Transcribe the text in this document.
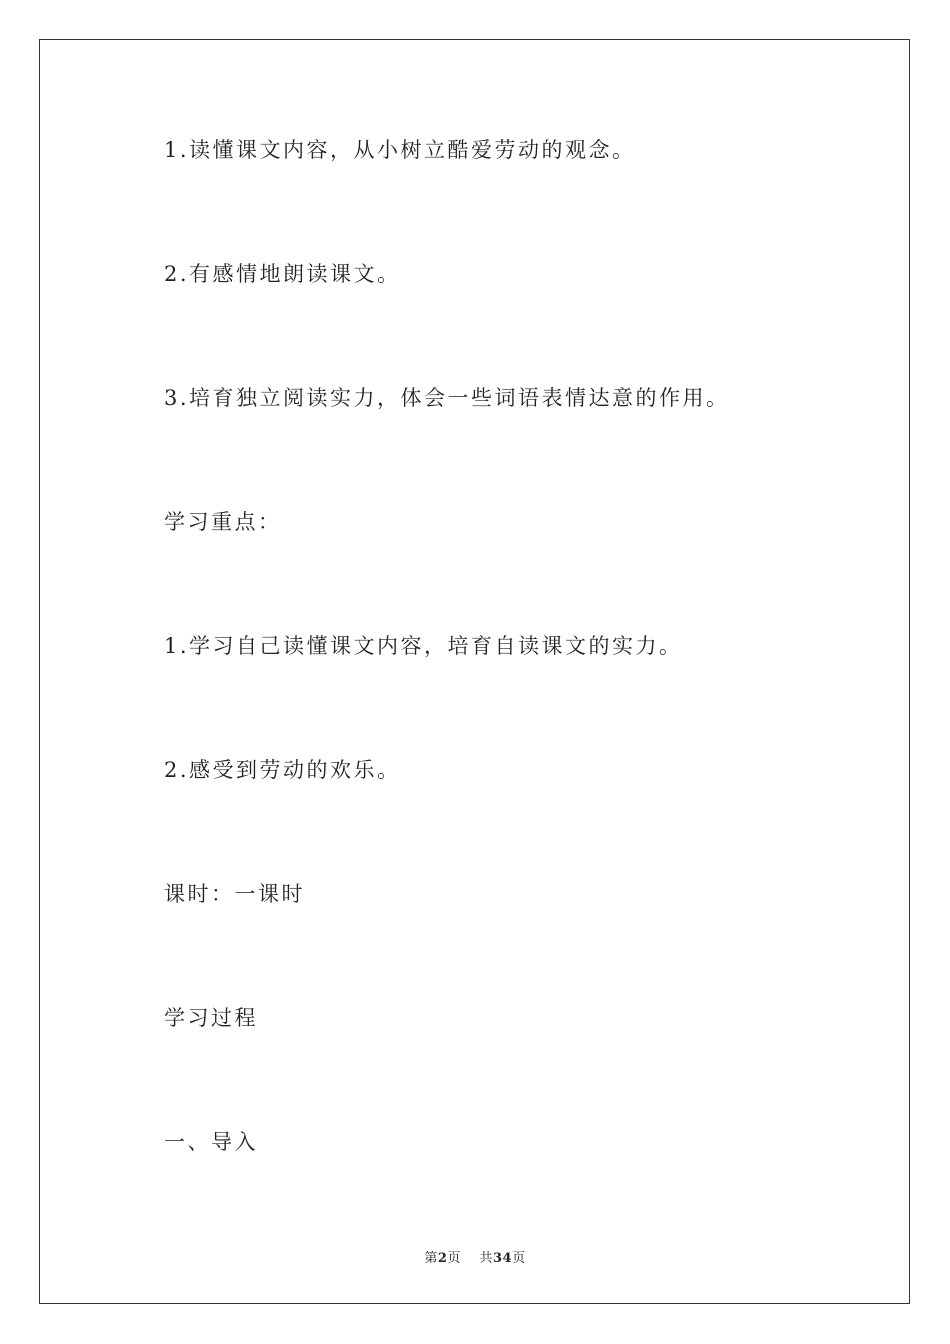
1.读懂课文内容，从小树立酷爱劳动的观念。

2.有感情地朗读课文。

3.培育独立阅读实力，体会一些词语表情达意的作用。

学习重点：

1.学习自己读懂课文内容，培育自读课文的实力。

2.感受到劳动的欢乐。

课时：一课时

学习过程

一、导入

第2页 共34页
